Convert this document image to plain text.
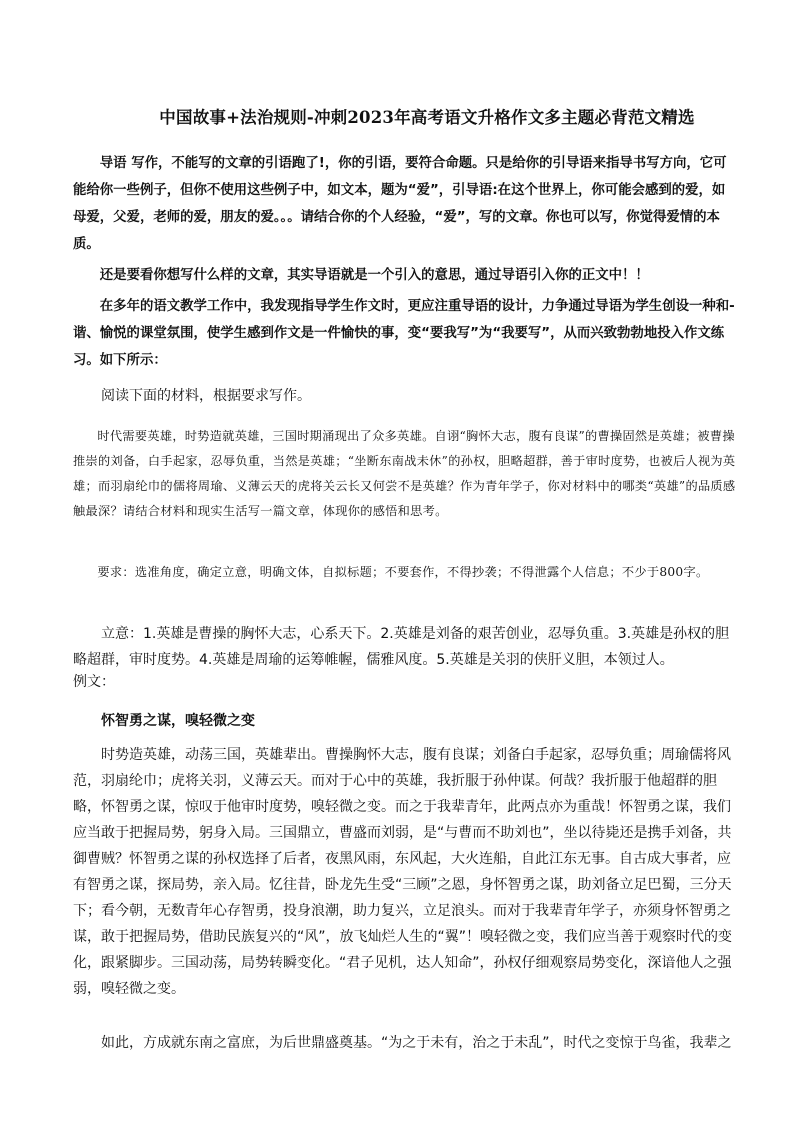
中国故事+法治规则-冲刺2023年高考语文升格作文多主题必背范文精选

导语 写作，不能写的文章的引语跑了!，你的引语，要符合命题。只是给你的引导语来指导书写方向，它可能给你一些例子，但你不使用这些例子中，如文本，题为“爱”，引导语:在这个世界上，你可能会感到的爱，如母爱，父爱，老师的爱，朋友的爱。。。请结合你的个人经验，“爱”，写的文章。你也可以写，你觉得爱情的本质。

还是要看你想写什么样的文章，其实导语就是一个引入的意思，通过导语引入你的正文中！！

在多年的语文教学工作中，我发现指导学生作文时，更应注重导语的设计，力争通过导语为学生创设一种和-谐、愉悦的课堂氛围，使学生感到作文是一件愉快的事，变“要我写”为“我要写”，从而兴致勃勃地投入作文练习。如下所示：

阅读下面的材料，根据要求写作。

时代需要英雄，时势造就英雄，三国时期涌现出了众多英雄。自诩“胸怀大志，腹有良谋”的曹操固然是英雄；被曹操推崇的刘备，白手起家，忍辱负重，当然是英雄；“坐断东南战未休”的孙权，胆略超群，善于审时度势，也被后人视为英雄；而羽扇纶巾的儒将周瑜、义薄云天的虎将关云长又何尝不是英雄？作为青年学子，你对材料中的哪类“英雄”的品质感触最深？请结合材料和现实生活写一篇文章，体现你的感悟和思考。

要求：选准角度，确定立意，明确文体，自拟标题；不要套作，不得抄袭；不得泄露个人信息；不少于800字。

立意：1.英雄是曹操的胸怀大志，心系天下。2.英雄是刘备的艰苦创业，忍辱负重。3.英雄是孙权的胆略超群，审时度势。4.英雄是周瑜的运筹帷幄，儒雅风度。5.英雄是关羽的侠肝义胆，本领过人。

例文：

怀智勇之谋，嗅轻微之变

时势造英雄，动荡三国，英雄辈出。曹操胸怀大志，腹有良谋；刘备白手起家，忍辱负重；周瑜儒将风范，羽扇纶巾；虎将关羽，义薄云天。而对于心中的英雄，我折服于孙仲谋。何哉？我折服于他超群的胆略，怀智勇之谋，惊叹于他审时度势，嗅轻微之变。而之于我辈青年，此两点亦为重哉！怀智勇之谋，我们应当敢于把握局势，躬身入局。三国鼎立，曹盛而刘弱，是“与曹而不助刘也”，坐以待毙还是携手刘备，共御曹贼？怀智勇之谋的孙权选择了后者，夜黑风雨，东风起，大火连船，自此江东无事。自古成大事者，应有智勇之谋，探局势，亲入局。忆往昔，卧龙先生受“三顾”之恩，身怀智勇之谋，助刘备立足巴蜀，三分天下；看今朝，无数青年心存智勇，投身浪潮，助力复兴，立足浪头。而对于我辈青年学子，亦须身怀智勇之谋，敢于把握局势，借助民族复兴的“风”，放飞灿烂人生的“翼”！嗅轻微之变，我们应当善于观察时代的变化，跟紧脚步。三国动荡，局势转瞬变化。“君子见机，达人知命”，孙权仔细观察局势变化，深谙他人之强弱，嗅轻微之变。

如此，方成就东南之富庶，为后世鼎盛奠基。“为之于未有，治之于未乱”，时代之变惊于鸟雀，我辈之
